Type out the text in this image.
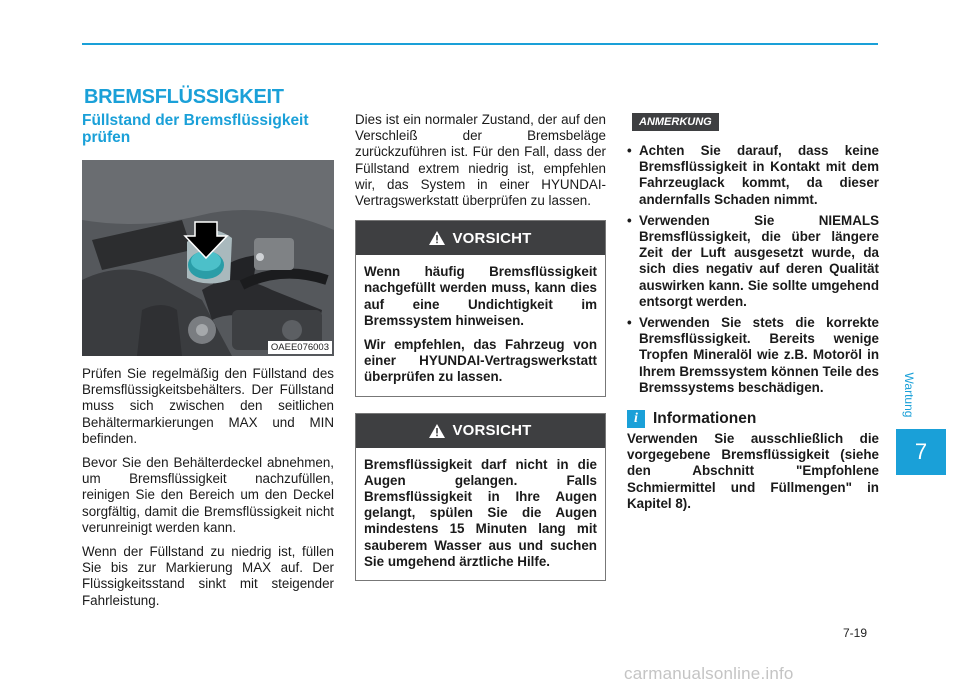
BREMSFLÜSSIGKEIT
Füllstand der Bremsflüssigkeit prüfen
OAEE076003

Prüfen Sie regelmäßig den Füllstand des Bremsflüssigkeitsbehälters. Der Füllstand muss sich zwischen den seitlichen Behältermarkierungen MAX und MIN befinden.

Bevor Sie den Behälterdeckel abnehmen, um Bremsflüssigkeit nachzufüllen, reinigen Sie den Bereich um den Deckel sorgfältig, damit die Bremsflüssigkeit nicht verunreinigt werden kann.

Wenn der Füllstand zu niedrig ist, füllen Sie bis zur Markierung MAX auf. Der Flüssigkeitsstand sinkt mit steigender Fahrleistung.

Dies ist ein normaler Zustand, der auf den Verschleiß der Bremsbeläge zurückzuführen ist. Für den Fall, dass der Füllstand extrem niedrig ist, empfehlen wir, das System in einer HYUNDAI-Vertragswerkstatt überprüfen zu lassen.

VORSICHT

Wenn häufig Bremsflüssigkeit nachgefüllt werden muss, kann dies auf eine Undichtigkeit im Bremssystem hinweisen.

Wir empfehlen, das Fahrzeug von einer HYUNDAI-Vertragswerkstatt überprüfen zu lassen.

VORSICHT

Bremsflüssigkeit darf nicht in die Augen gelangen. Falls Bremsflüssigkeit in Ihre Augen gelangt, spülen Sie die Augen mindestens 15 Minuten lang mit sauberem Wasser aus und suchen Sie umgehend ärztliche Hilfe.

ANMERKUNG
• Achten Sie darauf, dass keine Bremsflüssigkeit in Kontakt mit dem Fahrzeuglack kommt, da dieser andernfalls Schaden nimmt.
• Verwenden Sie NIEMALS Bremsflüssigkeit, die über längere Zeit der Luft ausgesetzt wurde, da sich dies negativ auf deren Qualität auswirken kann. Sie sollte umgehend entsorgt werden.
• Verwenden Sie stets die korrekte Bremsflüssigkeit. Bereits wenige Tropfen Mineralöl wie z.B. Motoröl in Ihrem Bremssystem können Teile des Bremssystems beschädigen.
i Informationen
Verwenden Sie ausschließlich die vorgegebene Bremsflüssigkeit (siehe den Abschnitt "Empfohlene Schmiermittel und Füllmengen" in Kapitel 8).
Wartung
7
7-19
carmanualsonline.info
